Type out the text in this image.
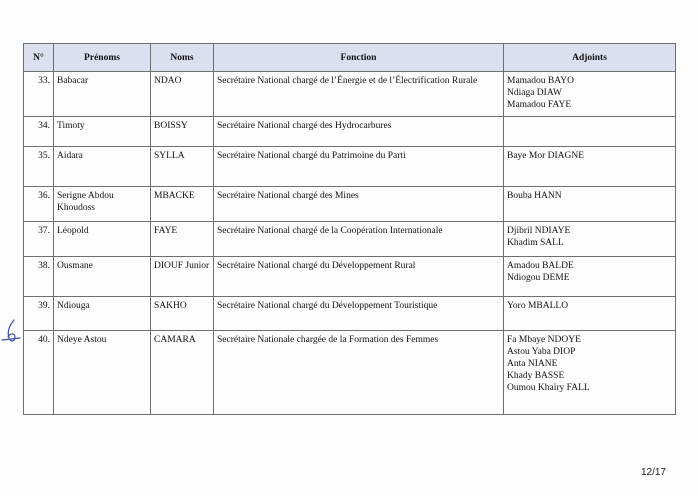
N°	Prénoms	Noms	Fonction	Adjoints
33.	Babacar	NDAO	Secrétaire National chargé de l’Énergie et de l’Électrification Rurale	Mamadou BAYO
Ndiaga DIAW
Mamadou FAYE

34.	Timoty	BOISSY	Secrétaire National chargé des Hydrocarbures	
35.	Aidara	SYLLA	Secrétaire National chargé du Patrimoine du Parti	Baye Mor DIAGNE

36.	Serigne Abdou Khoudoss	MBACKE	Secrétaire National chargé des Mines	Bouba HANN

37.	Léopold	FAYE	Secrétaire National chargé de la Coopération Internationale	Djibril NDIAYE
Khadim SALL

38.	Ousmane	DIOUF Junior	Secrétaire National chargé du Développement Rural	Amadou BALDE
Ndiogou DEME

39.	Ndiouga	SAKHO	Secrétaire National chargé du Développement Touristique	Yoro MBALLO

40.	Ndeye Astou	CAMARA	Secrétaire Nationale chargée de la Formation des Femmes	Fa Mbaye NDOYE
Astou Yaba DIOP
Anta NIANE
Khady BASSE
Oumou Khaïry FALL
12/17
